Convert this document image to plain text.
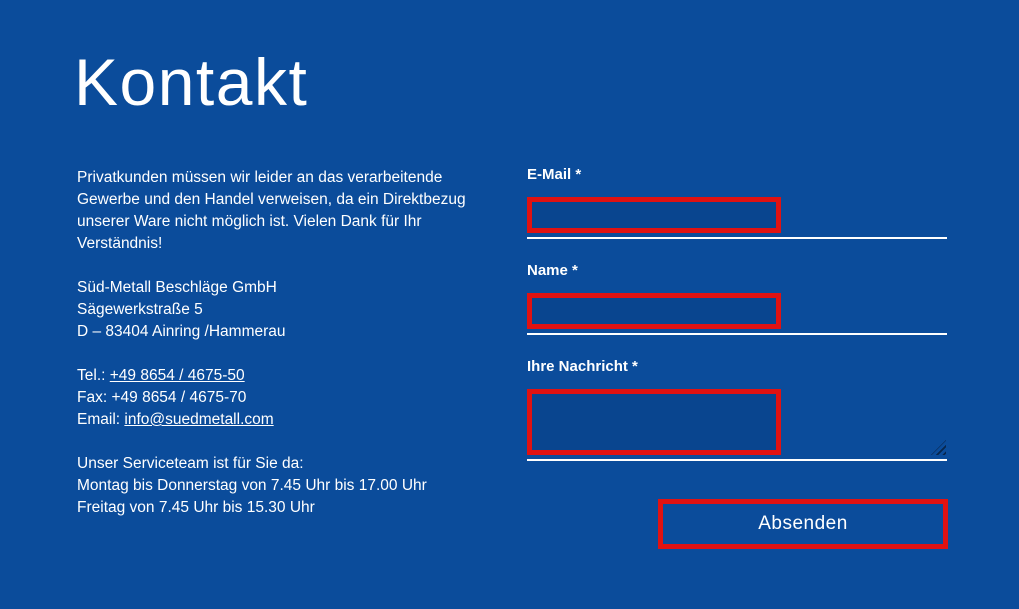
Kontakt

Privatkunden müssen wir leider an das verarbeitende
Gewerbe und den Handel verweisen, da ein Direktbezug
unserer Ware nicht möglich ist. Vielen Dank für Ihr
Verständnis!

Süd-Metall Beschläge GmbH
Sägewerkstraße 5
D – 83404 Ainring /Hammerau

Tel.: +49 8654 / 4675-50
Fax: +49 8654 / 4675-70
Email: info@suedmetall.com

Unser Serviceteam ist für Sie da:
Montag bis Donnerstag von 7.45 Uhr bis 17.00 Uhr
Freitag von 7.45 Uhr bis 15.30 Uhr

E-Mail *
Name *
Ihre Nachricht *
Absenden
